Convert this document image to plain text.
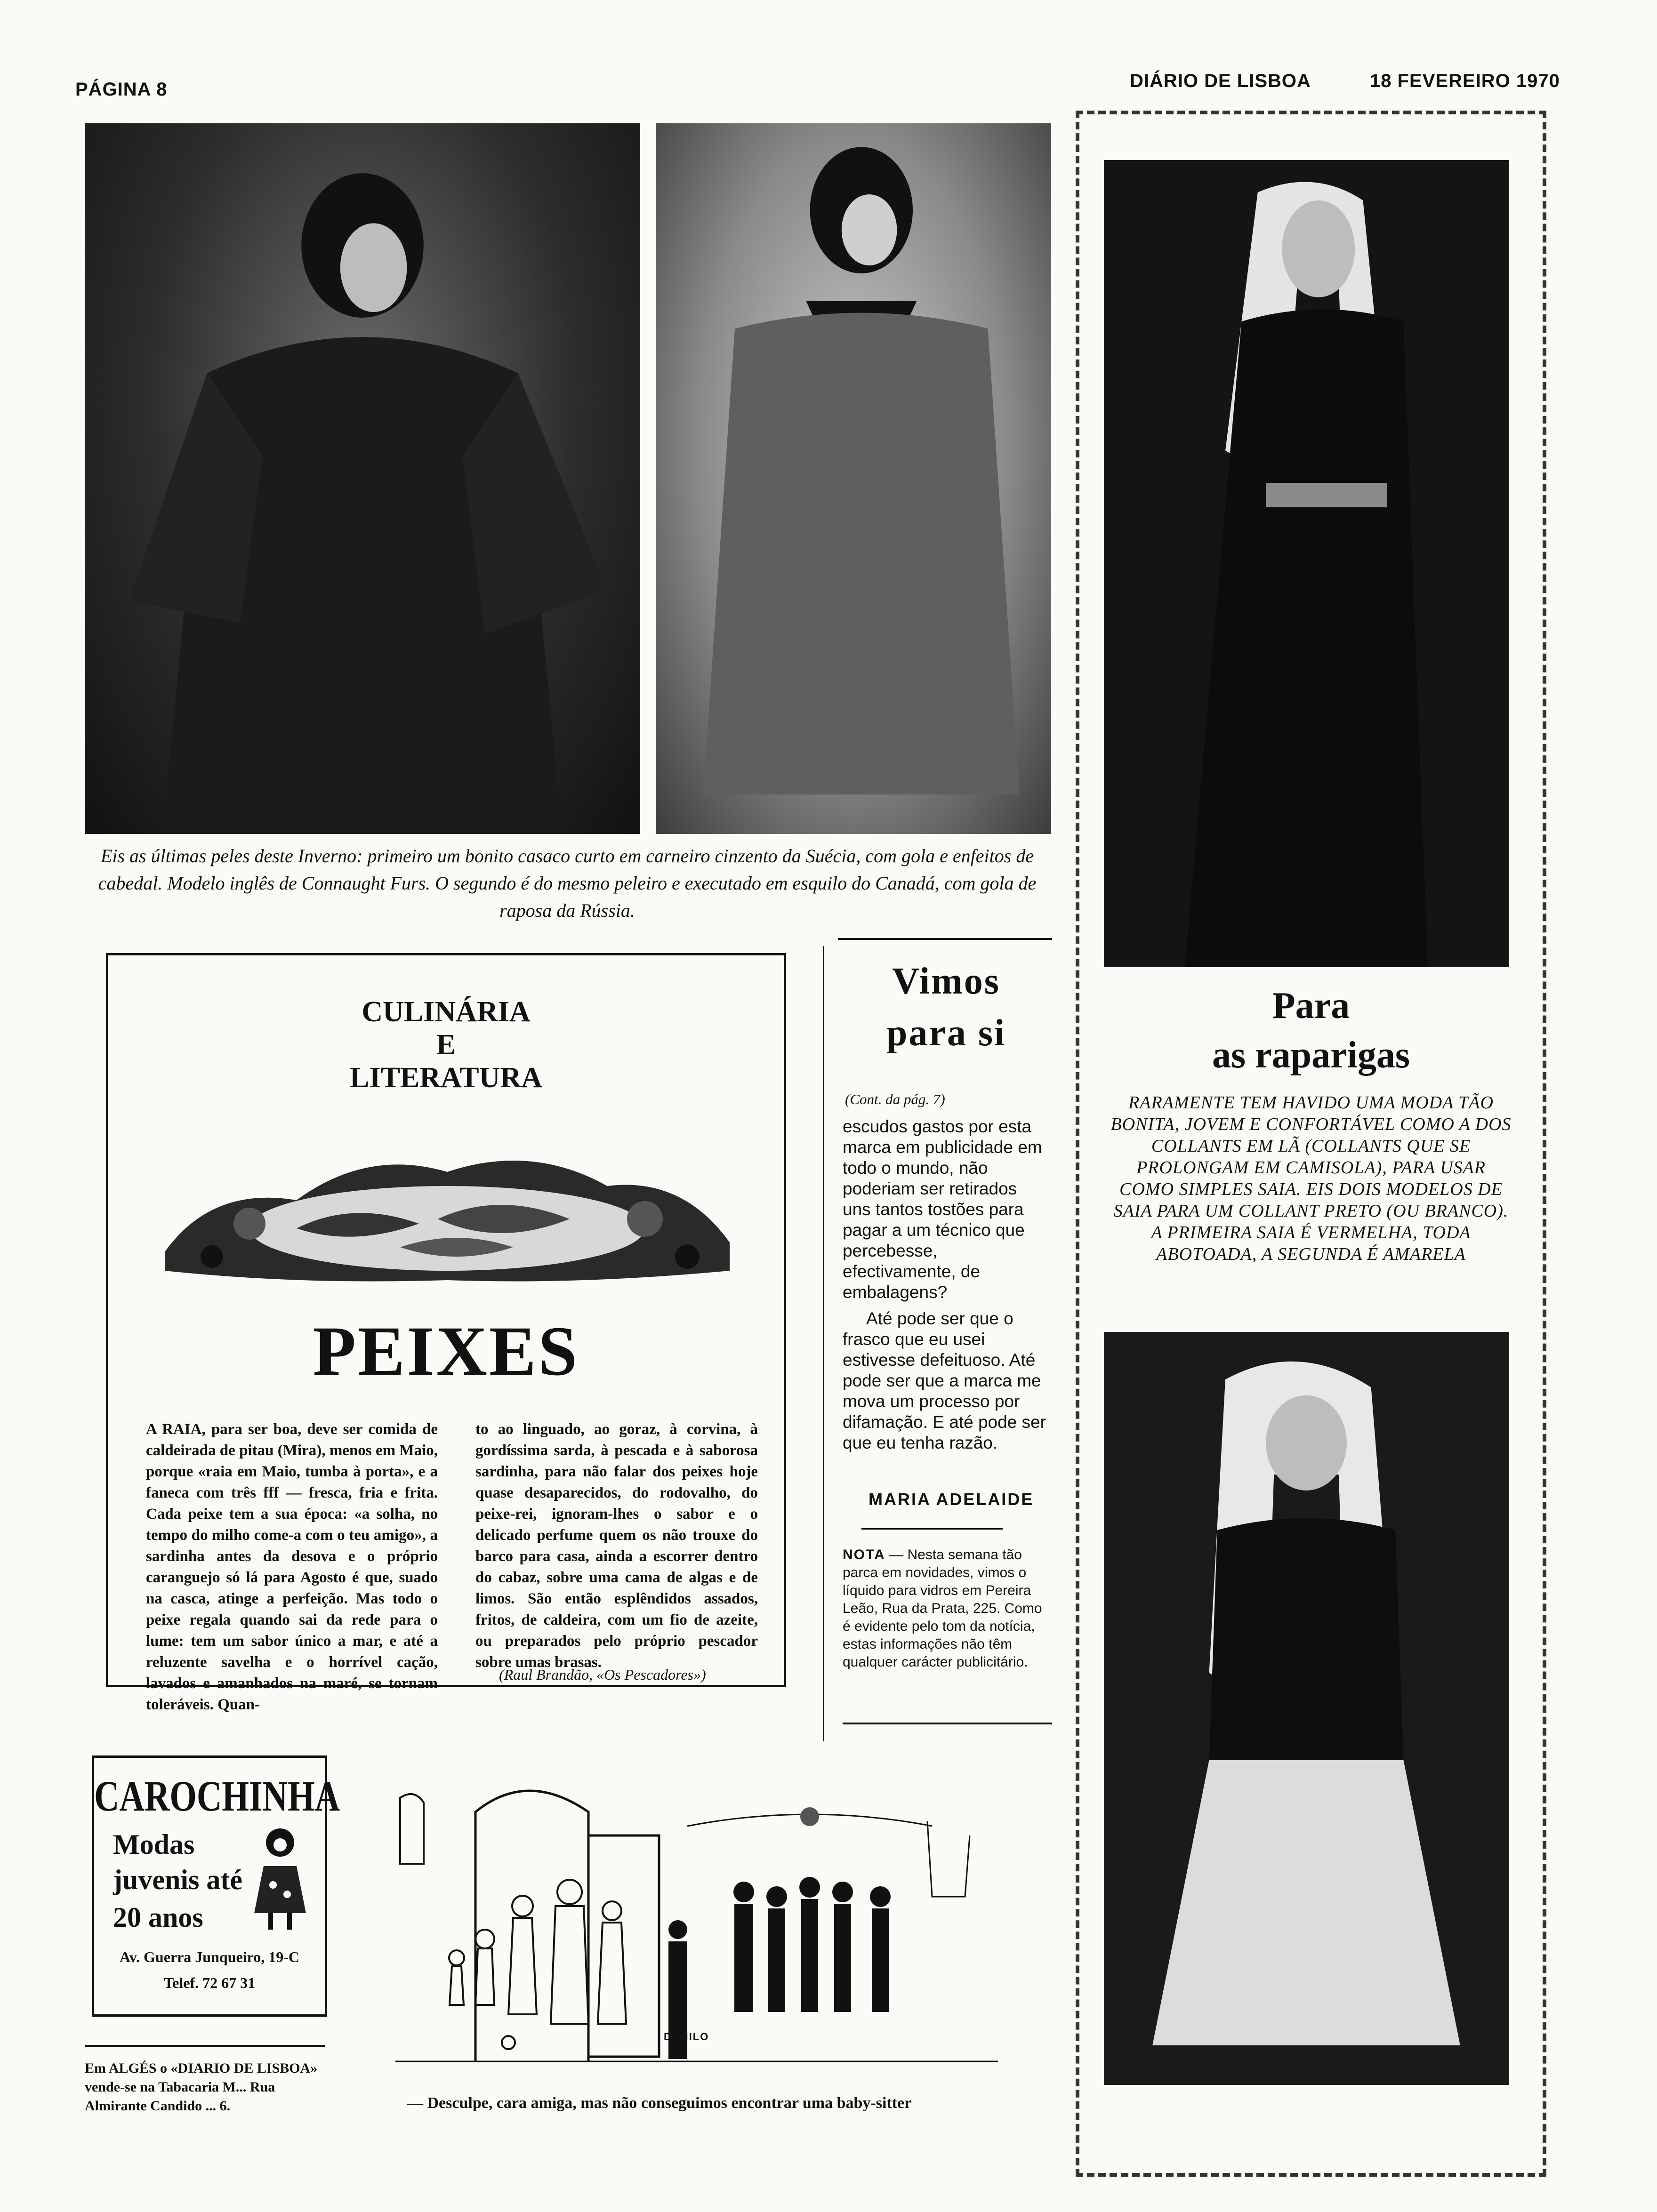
PÁGINA 8	DIÁRIO DE LISBOA	18 FEVEREIRO 1970
Eis as últimas peles deste Inverno: primeiro um bonito casaco curto em carneiro cinzento da Suécia, com gola e enfeitos de cabedal. Modelo inglês de Connaught Furs. O segundo é do mesmo peleiro e executado em esquilo do Canadá, com gola de raposa da Rússia.
CULINÁRIA
E
LITERATURA
PEIXES
A RAIA, para ser boa, deve ser comida de caldeirada de pitau (Mira), menos em Maio, porque «raia em Maio, tumba à porta», e a faneca com três fff — fresca, fria e frita. Cada peixe tem a sua época: «a solha, no tempo do milho come-a com o teu amigo», a sardinha antes da desova e o próprio caranguejo só lá para Agosto é que, suado na casca, atinge a perfeição. Mas todo o peixe regala quando sai da rede para o lume: tem um sabor único a mar, e até a reluzente savelha e o horrível cação, lavados e amanhados na maré, se tornam toleráveis. Quan-
to ao linguado, ao goraz, à corvina, à gordíssima sarda, à pescada e à saborosa sardinha, para não falar dos peixes hoje quase desaparecidos, do rodovalho, do peixe-rei, ignoram-lhes o sabor e o delicado perfume quem os não trouxe do barco para casa, ainda a escorrer dentro do cabaz, sobre uma cama de algas e de limos. São então esplêndidos assados, fritos, de caldeira, com um fio de azeite, ou preparados pelo próprio pescador sobre umas brasas.
(Raul Brandão, «Os Pescadores»)
Vimos
para si
(Cont. da pág. 7)
escudos gastos por esta marca em publicidade em todo o mundo, não poderiam ser retirados uns tantos tostões para pagar a um técnico que percebesse, efectivamente, de embalagens?
Até pode ser que o frasco que eu usei estivesse defeituoso. Até pode ser que a marca me mova um processo por difamação. E até pode ser que eu tenha razão.
MARIA ADELAIDE
NOTA — Nesta semana tão parca em novidades, vimos o líquido para vidros em Pereira Leão, Rua da Prata, 225. Como é evidente pelo tom da notícia, estas informações não têm qualquer carácter publicitário.
Para
as raparigas
RARAMENTE TEM HAVIDO UMA MODA TÃO BONITA, JOVEM E CONFORTÁVEL COMO A DOS COLLANTS EM LÃ (COLLANTS QUE SE PROLONGAM EM CAMISOLA), PARA USAR COMO SIMPLES SAIA. EIS DOIS MODELOS DE SAIA PARA UM COLLANT PRETO (OU BRANCO). A PRIMEIRA SAIA É VERMELHA, TODA ABOTOADA, A SEGUNDA É AMARELA
CAROCHINHA
Modas
juvenis até
20 anos
Av. Guerra Junqueiro, 19-C
Telef. 72 67 31
Em ALGÉS o «DIARIO DE LISBOA» vende-se na Tabacaria M... Rua Almirante Candido ... 6.
DANILO
— Desculpe, cara amiga, mas não conseguimos encontrar uma baby-sitter
